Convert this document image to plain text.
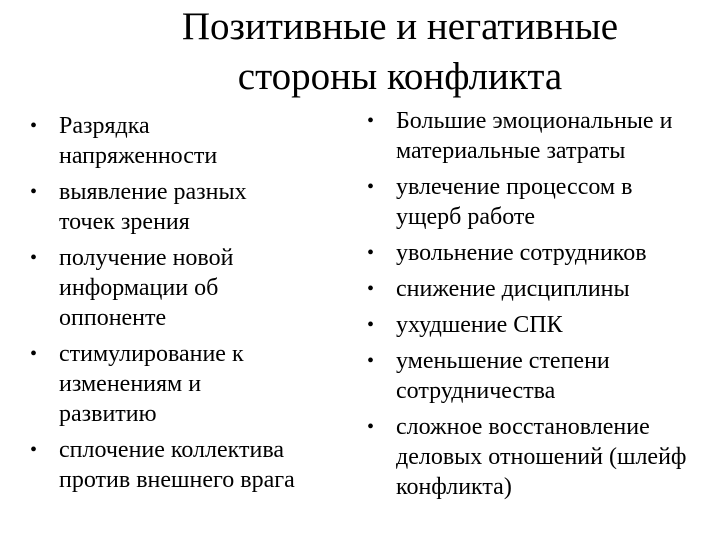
Позитивные и негативные
стороны конфликта
• Разрядка напряженности
• выявление разных точек зрения
• получение новой информации об оппоненте
• стимулирование к изменениям и развитию
• сплочение коллектива против внешнего врага
• Большие эмоциональные и материальные затраты
• увлечение процессом в ущерб работе
• увольнение сотрудников
• снижение дисциплины
• ухудшение СПК
• уменьшение степени сотрудничества
• сложное восстановление деловых отношений (шлейф конфликта)
